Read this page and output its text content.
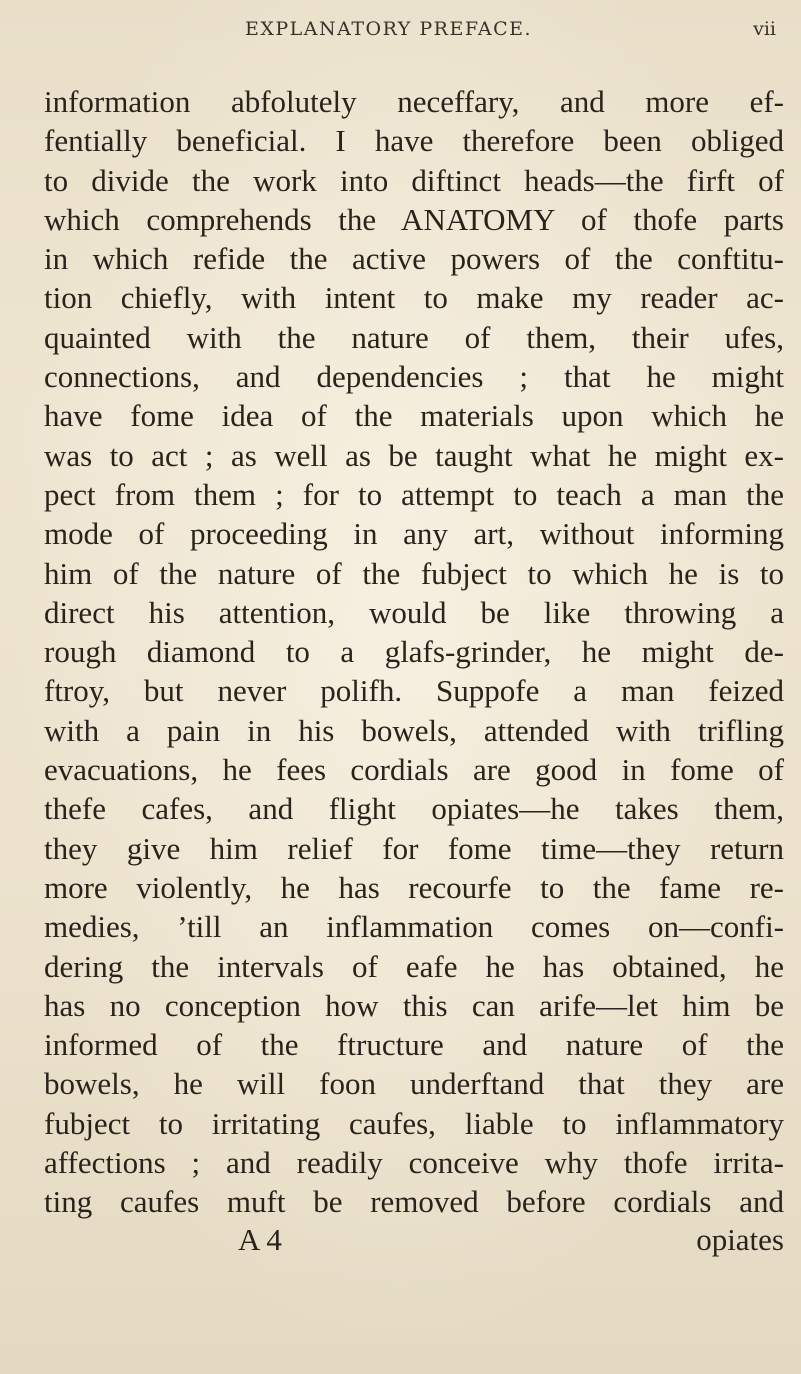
EXPLANATORY PREFACE.	vii
information abfolutely neceffary, and more ef-
fentially beneficial. I have therefore been obliged
to divide the work into diftinct heads—the firft of
which comprehends the ANATOMY of thofe parts
in which refide the active powers of the conftitu-
tion chiefly, with intent to make my reader ac-
quainted with the nature of them, their ufes,
connections, and dependencies ; that he might
have fome idea of the materials upon which he
was to act ; as well as be taught what he might ex-
pect from them ; for to attempt to teach a man the
mode of proceeding in any art, without informing
him of the nature of the fubject to which he is to
direct his attention, would be like throwing a
rough diamond to a glafs-grinder, he might de-
ftroy, but never polifh. Suppofe a man feized
with a pain in his bowels, attended with trifling
evacuations, he fees cordials are good in fome of
thefe cafes, and flight opiates—he takes them,
they give him relief for fome time—they return
more violently, he has recourfe to the fame re-
medies, ’till an inflammation comes on—confi-
dering the intervals of eafe he has obtained, he
has no conception how this can arife—let him be
informed of the ftructure and nature of the
bowels, he will foon underftand that they are
fubject to irritating caufes, liable to inflammatory
affections ; and readily conceive why thofe irrita-
ting caufes muft be removed before cordials and
A 4	opiates
